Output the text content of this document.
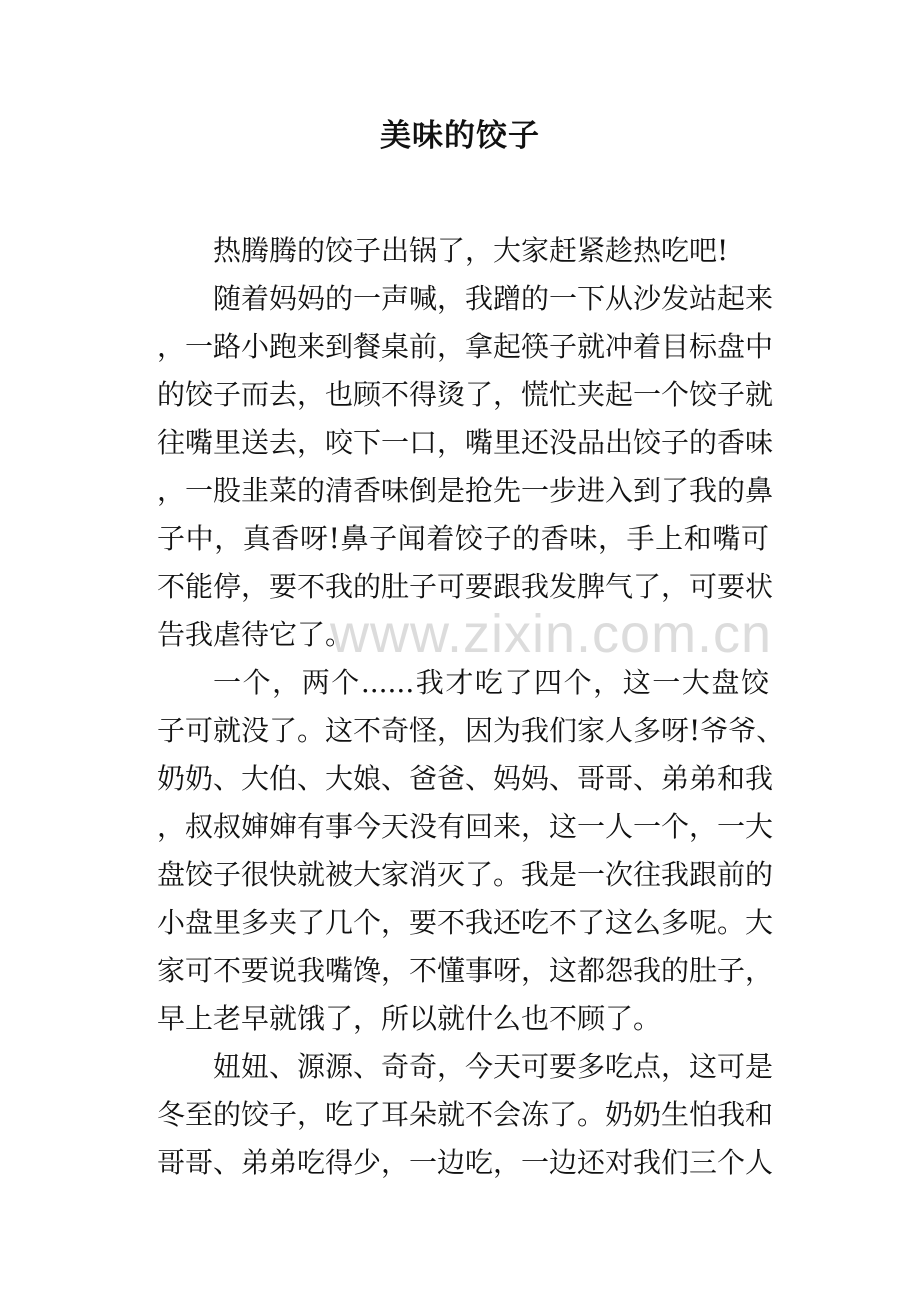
美味的饺子
热腾腾的饺子出锅了，大家赶紧趁热吃吧!
随着妈妈的一声喊，我蹭的一下从沙发站起来
，一路小跑来到餐桌前，拿起筷子就冲着目标盘中
的饺子而去，也顾不得烫了，慌忙夹起一个饺子就
往嘴里送去，咬下一口，嘴里还没品出饺子的香味
，一股韭菜的清香味倒是抢先一步进入到了我的鼻
子中，真香呀!鼻子闻着饺子的香味，手上和嘴可
不能停，要不我的肚子可要跟我发脾气了，可要状
告我虐待它了。
一个，两个......我才吃了四个，这一大盘饺
子可就没了。这不奇怪，因为我们家人多呀!爷爷、
奶奶、大伯、大娘、爸爸、妈妈、哥哥、弟弟和我
，叔叔婶婶有事今天没有回来，这一人一个，一大
盘饺子很快就被大家消灭了。我是一次往我跟前的
小盘里多夹了几个，要不我还吃不了这么多呢。大
家可不要说我嘴馋，不懂事呀，这都怨我的肚子，
早上老早就饿了，所以就什么也不顾了。
妞妞、源源、奇奇，今天可要多吃点，这可是
冬至的饺子，吃了耳朵就不会冻了。奶奶生怕我和
哥哥、弟弟吃得少，一边吃，一边还对我们三个人
www.zixin.com.cn
